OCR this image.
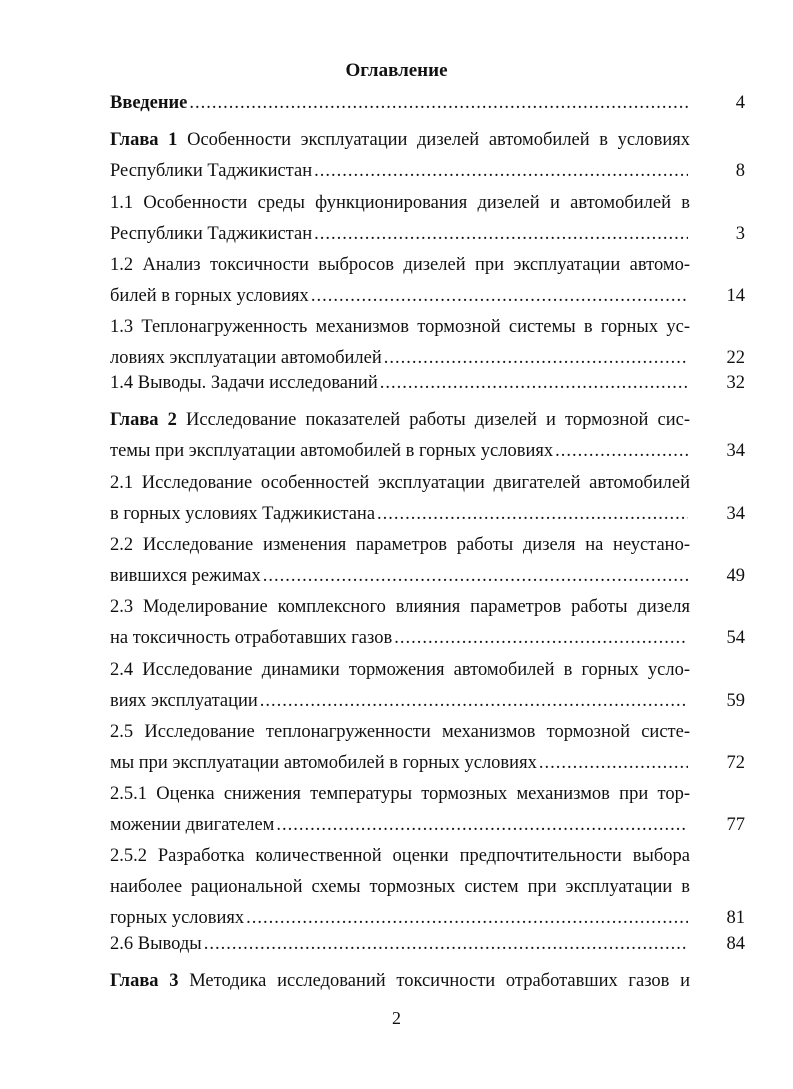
Оглавление
Введение .....	4
Глава 1 Особенности эксплуатации дизелей автомобилей в условиях
Республики Таджикистан .....	8
1.1 Особенности среды функционирования дизелей и автомобилей в
Республики Таджикистан .....	3
1.2 Анализ токсичности выбросов дизелей при эксплуатации автомо-
билей в горных условиях .....	14
1.3 Теплонагруженность механизмов тормозной системы в горных ус-
ловиях эксплуатации автомобилей .....	22
1.4 Выводы. Задачи исследований .....	32
Глава 2 Исследование показателей работы дизелей и тормозной сис-
темы при эксплуатации автомобилей в горных условиях .....	34
2.1 Исследование особенностей эксплуатации двигателей автомобилей
в горных условиях Таджикистана .....	34
2.2 Исследование изменения параметров работы дизеля на неустано-
вившихся режимах .....	49
2.3 Моделирование комплексного влияния параметров работы дизеля
на токсичность отработавших газов .....	54
2.4 Исследование динамики торможения автомобилей в горных усло-
виях эксплуатации .....	59
2.5 Исследование теплонагруженности механизмов тормозной систе-
мы при эксплуатации автомобилей в горных условиях .....	72
2.5.1 Оценка снижения температуры тормозных механизмов при тор-
можении двигателем .....	77
2.5.2 Разработка количественной оценки предпочтительности выбора
наиболее рациональной схемы тормозных систем при эксплуатации в
горных условиях .....	81
2.6 Выводы .....	84
Глава 3 Методика исследований токсичности отработавших газов и
2
